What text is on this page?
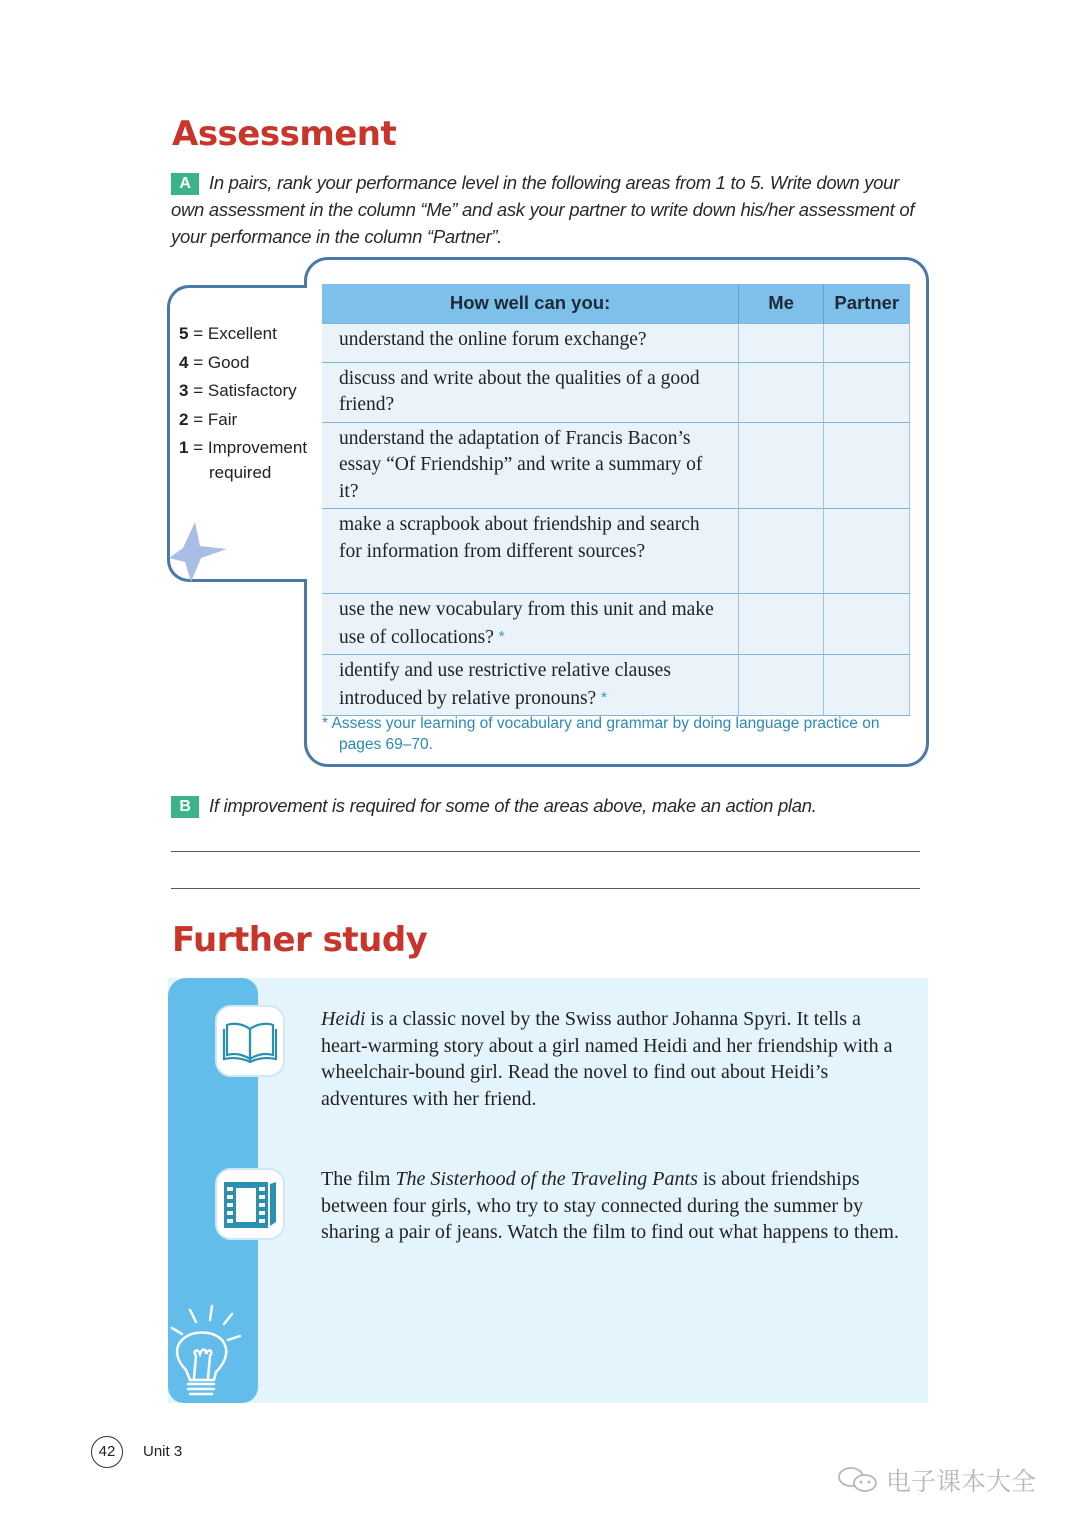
Assessment

A In pairs, rank your performance level in the following areas from 1 to 5. Write down your own assessment in the column “Me” and ask your partner to write down his/her assessment of your performance in the column “Partner”.

5 = Excellent
4 = Good
3 = Satisfactory
2 = Fair
1 = Improvement
required
How well can you:	Me	Partner
understand the online forum exchange?		
discuss and write about the qualities of a good friend?		
understand the adaptation of Francis Bacon’s essay “Of Friendship” and write a summary of it?		
make a scrapbook about friendship and search for information from different sources?		
use the new vocabulary from this unit and make use of collocations? *		
identify and use restrictive relative clauses introduced by relative pronouns? *		

* Assess your learning of vocabulary and grammar by doing language practice on pages 69–70.

B If improvement is required for some of the areas above, make an action plan.

Further study

Heidi is a classic novel by the Swiss author Johanna Spyri. It tells a heart-warming story about a girl named Heidi and her friendship with a wheelchair-bound girl. Read the novel to find out about Heidi’s adventures with her friend.

The film The Sisterhood of the Traveling Pants is about friendships between four girls, who try to stay connected during the summer by sharing a pair of jeans. Watch the film to find out what happens to them.

42	Unit 3
电子课本大全
